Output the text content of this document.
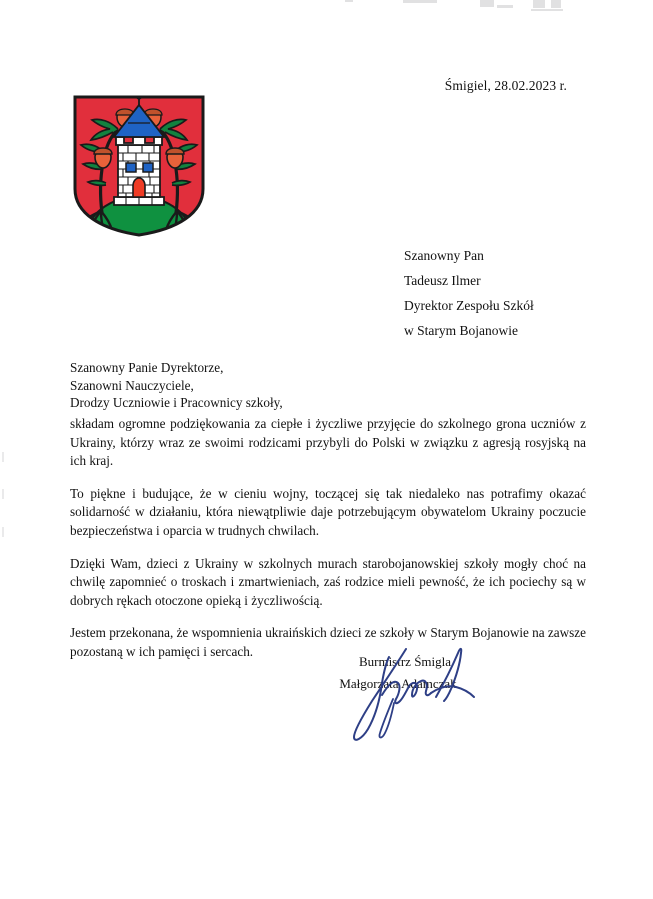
Śmigiel, 28.02.2023 r.
Szanowny Pan
Tadeusz Ilmer
Dyrektor Zespołu Szkół
w Starym Bojanowie
Szanowny Panie Dyrektorze,
Szanowni Nauczyciele,
Drodzy Uczniowie i Pracownicy szkoły,

składam ogromne podziękowania za ciepłe i życzliwe przyjęcie do szkolnego grona uczniów z Ukrainy, którzy wraz ze swoimi rodzicami przybyli do Polski w związku z agresją rosyjską na ich kraj.

To piękne i budujące, że w cieniu wojny, toczącej się tak niedaleko nas potrafimy okazać solidarność w działaniu, która niewątpliwie daje potrzebującym obywatelom Ukrainy poczucie bezpieczeństwa i oparcia w trudnych chwilach.

Dzięki Wam, dzieci z Ukrainy w szkolnych murach starobojanowskiej szkoły mogły choć na chwilę zapomnieć o troskach i zmartwieniach, zaś rodzice mieli pewność, że ich pociechy są w dobrych rękach otoczone opieką i życzliwością.

Jestem przekonana, że wspomnienia ukraińskich dzieci ze szkoły w Starym Bojanowie na zawsze pozostaną w ich pamięci i sercach.

Burmistrz Śmigla
Małgorzata Adamczak
